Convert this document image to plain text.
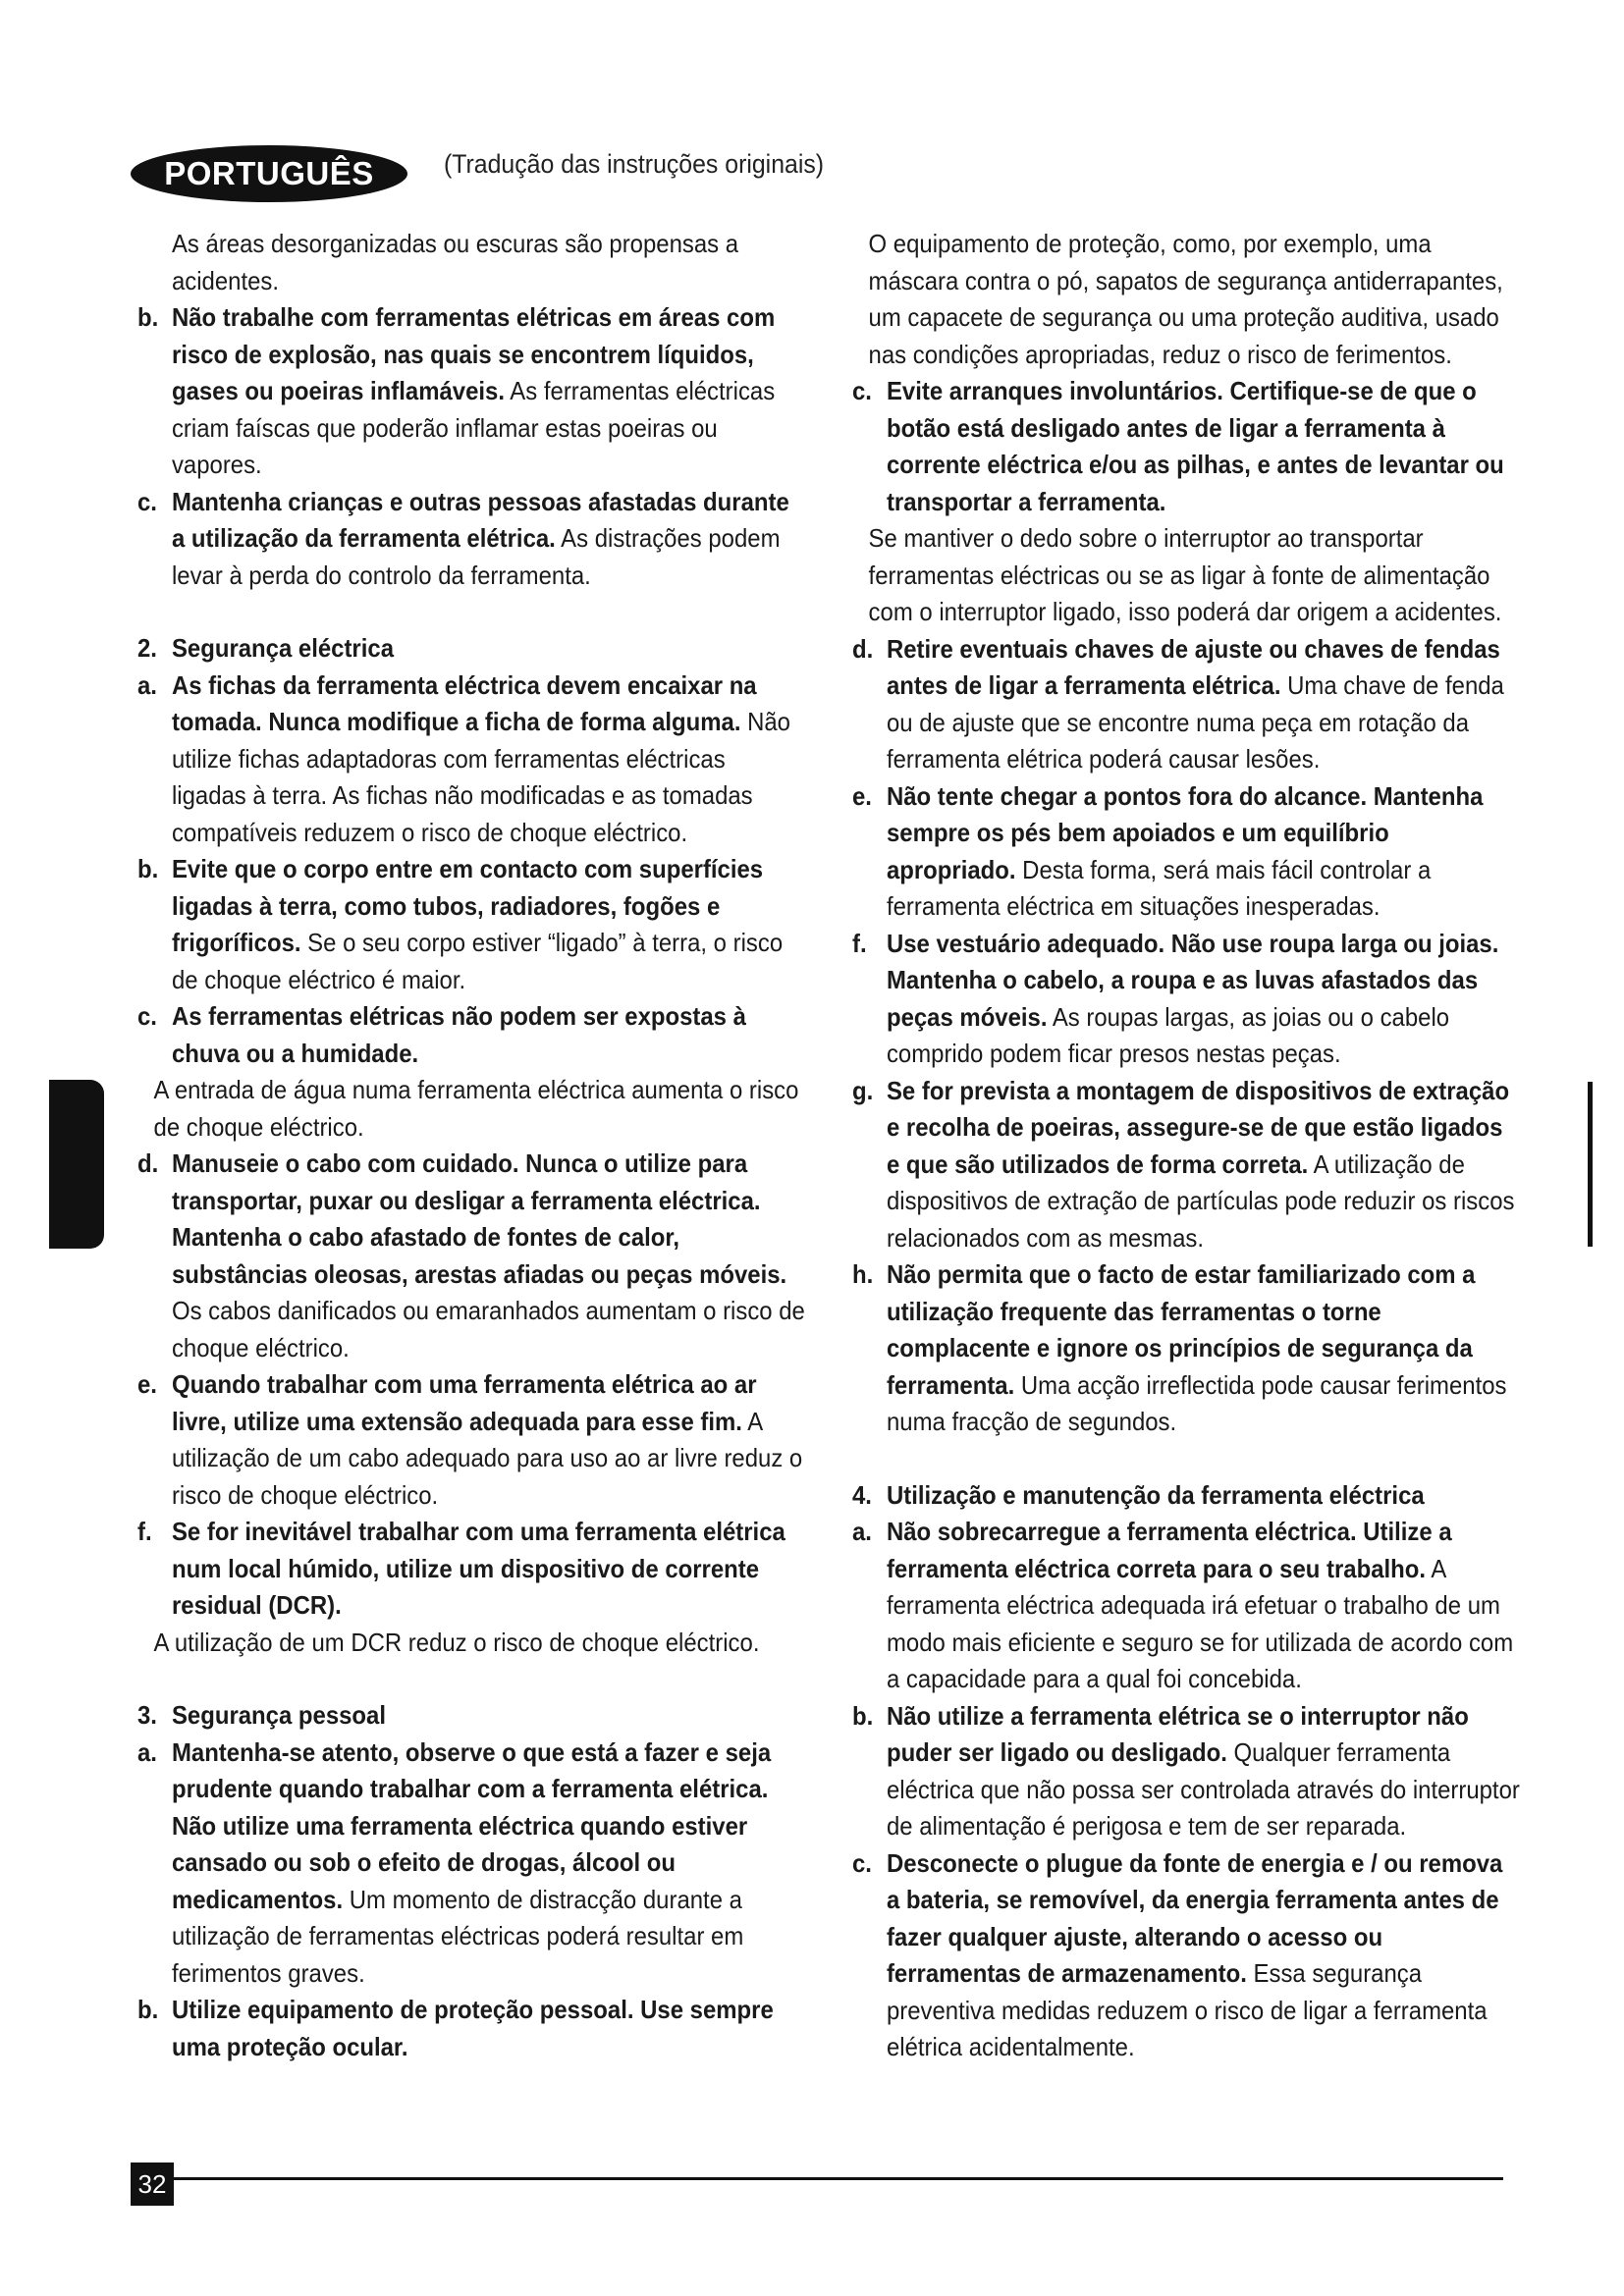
PORTUGUÊS	(Tradução das instruções originais)

As áreas desorganizadas ou escuras são propensas a acidentes.

b. Não trabalhe com ferramentas elétricas em áreas com risco de explosão, nas quais se encontrem líquidos, gases ou poeiras inflamáveis. As ferramentas eléctricas criam faíscas que poderão inflamar estas poeiras ou vapores.

c. Mantenha crianças e outras pessoas afastadas durante a utilização da ferramenta elétrica. As distrações podem levar à perda do controlo da ferramenta.

2. Segurança eléctrica

a. As fichas da ferramenta eléctrica devem encaixar na tomada. Nunca modifique a ficha de forma alguma. Não utilize fichas adaptadoras com ferramentas eléctricas ligadas à terra. As fichas não modificadas e as tomadas compatíveis reduzem o risco de choque eléctrico.

b. Evite que o corpo entre em contacto com superfícies ligadas à terra, como tubos, radiadores, fogões e frigoríficos. Se o seu corpo estiver “ligado” à terra, o risco de choque eléctrico é maior.

c. As ferramentas elétricas não podem ser expostas à chuva ou a humidade.

A entrada de água numa ferramenta eléctrica aumenta o risco de choque eléctrico.

d. Manuseie o cabo com cuidado. Nunca o utilize para transportar, puxar ou desligar a ferramenta eléctrica. Mantenha o cabo afastado de fontes de calor, substâncias oleosas, arestas afiadas ou peças móveis. Os cabos danificados ou emaranhados aumentam o risco de choque eléctrico.

e. Quando trabalhar com uma ferramenta elétrica ao ar livre, utilize uma extensão adequada para esse fim. A utilização de um cabo adequado para uso ao ar livre reduz o risco de choque eléctrico.

f. Se for inevitável trabalhar com uma ferramenta elétrica num local húmido, utilize um dispositivo de corrente residual (DCR).

A utilização de um DCR reduz o risco de choque eléctrico.

3. Segurança pessoal

a. Mantenha-se atento, observe o que está a fazer e seja prudente quando trabalhar com a ferramenta elétrica. Não utilize uma ferramenta eléctrica quando estiver cansado ou sob o efeito de drogas, álcool ou medicamentos. Um momento de distracção durante a utilização de ferramentas eléctricas poderá resultar em ferimentos graves.

b. Utilize equipamento de proteção pessoal. Use sempre uma proteção ocular.

O equipamento de proteção, como, por exemplo, uma máscara contra o pó, sapatos de segurança antiderrapantes, um capacete de segurança ou uma proteção auditiva, usado nas condições apropriadas, reduz o risco de ferimentos.

c. Evite arranques involuntários. Certifique-se de que o botão está desligado antes de ligar a ferramenta à corrente eléctrica e/ou as pilhas, e antes de levantar ou transportar a ferramenta.

Se mantiver o dedo sobre o interruptor ao transportar ferramentas eléctricas ou se as ligar à fonte de alimentação com o interruptor ligado, isso poderá dar origem a acidentes.

d. Retire eventuais chaves de ajuste ou chaves de fendas antes de ligar a ferramenta elétrica. Uma chave de fenda ou de ajuste que se encontre numa peça em rotação da ferramenta elétrica poderá causar lesões.

e. Não tente chegar a pontos fora do alcance. Mantenha sempre os pés bem apoiados e um equilíbrio apropriado. Desta forma, será mais fácil controlar a ferramenta eléctrica em situações inesperadas.

f. Use vestuário adequado. Não use roupa larga ou joias. Mantenha o cabelo, a roupa e as luvas afastados das peças móveis. As roupas largas, as joias ou o cabelo comprido podem ficar presos nestas peças.

g. Se for prevista a montagem de dispositivos de extração e recolha de poeiras, assegure-se de que estão ligados e que são utilizados de forma correta. A utilização de dispositivos de extração de partículas pode reduzir os riscos relacionados com as mesmas.

h. Não permita que o facto de estar familiarizado com a utilização frequente das ferramentas o torne complacente e ignore os princípios de segurança da ferramenta. Uma acção irreflectida pode causar ferimentos numa fracção de segundos.

4. Utilização e manutenção da ferramenta eléctrica

a. Não sobrecarregue a ferramenta eléctrica. Utilize a ferramenta eléctrica correta para o seu trabalho. A ferramenta eléctrica adequada irá efetuar o trabalho de um modo mais eficiente e seguro se for utilizada de acordo com a capacidade para a qual foi concebida.

b. Não utilize a ferramenta elétrica se o interruptor não puder ser ligado ou desligado. Qualquer ferramenta eléctrica que não possa ser controlada através do interruptor de alimentação é perigosa e tem de ser reparada.

c. Desconecte o plugue da fonte de energia e / ou remova a bateria, se removível, da energia ferramenta antes de fazer qualquer ajuste, alterando o acesso ou ferramentas de armazenamento. Essa segurança preventiva medidas reduzem o risco de ligar a ferramenta elétrica acidentalmente.

32
